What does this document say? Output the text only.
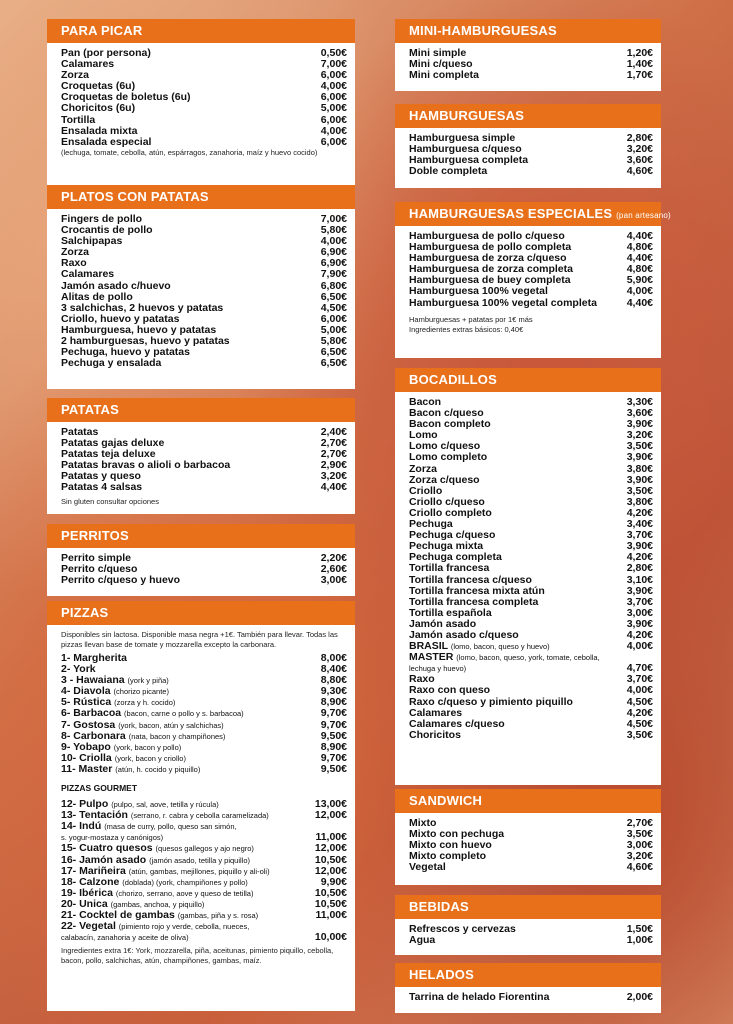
PARA PICAR
Pan (por persona)	0,50€
Calamares	7,00€
Zorza	6,00€
Croquetas (6u)	4,00€
Croquetas de boletus (6u)	6,00€
Choricitos (6u)	5,00€
Tortilla	6,00€
Ensalada mixta	4,00€
Ensalada especial	6,00€
(lechuga, tomate, cebolla, atún, espárragos, zanahoria, maíz y huevo cocido)
PLATOS CON PATATAS
Fingers de pollo	7,00€
Crocantis de pollo	5,80€
Salchipapas	4,00€
Zorza	6,90€
Raxo	6,90€
Calamares	7,90€
Jamón asado c/huevo	6,80€
Alitas de pollo	6,50€
3 salchichas, 2 huevos y patatas	4,50€
Criollo, huevo y patatas	6,00€
Hamburguesa, huevo y patatas	5,00€
2 hamburguesas, huevo y patatas	5,80€
Pechuga, huevo y patatas	6,50€
Pechuga y ensalada	6,50€
PATATAS
Patatas	2,40€
Patatas gajas deluxe	2,70€
Patatas teja deluxe	2,70€
Patatas bravas o alioli o barbacoa	2,90€
Patatas y queso	3,20€
Patatas 4 salsas	4,40€
Sin gluten consultar opciones
PERRITOS
Perrito simple	2,20€
Perrito c/queso	2,60€
Perrito c/queso y huevo	3,00€
PIZZAS
Disponibles sin lactosa. Disponible masa negra +1€. También para llevar. Todas las pizzas llevan base de tomate y mozzarella excepto la carbonara.
1- Margherita	8,00€
2- York	8,40€
3 - Hawaiana (york y piña)	8,80€
4- Diavola (chorizo picante)	9,30€
5- Rústica (zorza y h. cocido)	8,90€
6- Barbacoa (bacon, carne o pollo y s. barbacoa)	9,70€
7- Gostosa (york, bacon, atún y salchichas)	9,70€
8- Carbonara (nata, bacon y champiñones)	9,50€
9- Yobapo (york, bacon y pollo)	8,90€
10- Criolla (york, bacon y criollo)	9,70€
11- Master (atún, h. cocido y piquillo)	9,50€
PIZZAS GOURMET
12- Pulpo (pulpo, sal, aove, tetilla y rúcula)	13,00€
13- Tentación (serrano, r. cabra y cebolla caramelizada)	12,00€
14- Indú (masa de curry, pollo, queso san simón,
s. yogur-mostaza y canónigos)	11,00€
15- Cuatro quesos (quesos gallegos y ajo negro)	12,00€
16- Jamón asado (jamón asado, tetilla y piquillo)	10,50€
17- Mariñeira (atún, gambas, mejillones, piquillo y ali-oli)	12,00€
18- Calzone (doblada) (york, champiñones y pollo)	9,90€
19- Ibérica (chorizo, serrano, aove y queso de tetilla)	10,50€
20- Unica (gambas, anchoa, y piquillo)	10,50€
21- Cocktel de gambas (gambas, piña y s. rosa)	11,00€
22- Vegetal (pimiento rojo y verde, cebolla, nueces,
calabacín, zanahoria y aceite de oliva)	10,00€
Ingredientes extra 1€: York, mozzarella, piña, aceitunas, pimiento piquillo, cebolla, bacon, pollo, salchichas, atún, champiñones, gambas, maíz.
MINI-HAMBURGUESAS
Mini simple	1,20€
Mini c/queso	1,40€
Mini completa	1,70€
HAMBURGUESAS
Hamburguesa simple	2,80€
Hamburguesa c/queso	3,20€
Hamburguesa completa	3,60€
Doble completa	4,60€
HAMBURGUESAS ESPECIALES (pan artesano)
Hamburguesa de pollo c/queso	4,40€
Hamburguesa de pollo completa	4,80€
Hamburguesa de zorza c/queso	4,40€
Hamburguesa de zorza completa	4,80€
Hamburguesa de buey completa	5,90€
Hamburguesa 100% vegetal	4,00€
Hamburguesa 100% vegetal completa	4,40€
Hamburguesas + patatas por 1€ más
Ingredientes extras básicos: 0,40€
BOCADILLOS
Bacon	3,30€
Bacon c/queso	3,60€
Bacon completo	3,90€
Lomo	3,20€
Lomo c/queso	3,50€
Lomo completo	3,90€
Zorza	3,80€
Zorza c/queso	3,90€
Criollo	3,50€
Criollo c/queso	3,80€
Criollo completo	4,20€
Pechuga	3,40€
Pechuga c/queso	3,70€
Pechuga mixta	3,90€
Pechuga completa	4,20€
Tortilla francesa	2,80€
Tortilla francesa c/queso	3,10€
Tortilla francesa mixta atún	3,90€
Tortilla francesa completa	3,70€
Tortilla española	3,00€
Jamón asado	3,90€
Jamón asado c/queso	4,20€
BRASIL (lomo, bacon, queso y huevo)	4,00€
MASTER (lomo, bacon, queso, york, tomate, cebolla,
lechuga y huevo)	4,70€
Raxo	3,70€
Raxo con queso	4,00€
Raxo c/queso y pimiento piquillo	4,50€
Calamares	4,20€
Calamares c/queso	4,50€
Choricitos	3,50€
SANDWICH
Mixto	2,70€
Mixto con pechuga	3,50€
Mixto con huevo	3,00€
Mixto completo	3,20€
Vegetal	4,60€
BEBIDAS
Refrescos y cervezas	1,50€
Agua	1,00€
HELADOS
Tarrina de helado Fiorentina	2,00€
